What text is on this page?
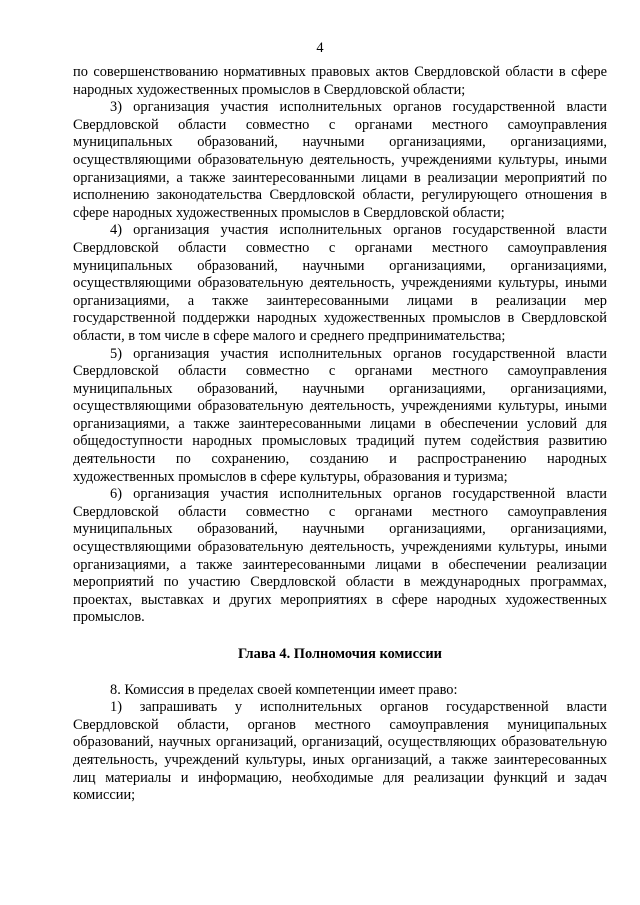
4

по совершенствованию нормативных правовых актов Свердловской области в сфере народных художественных промыслов в Свердловской области;

3) организация участия исполнительных органов государственной власти Свердловской области совместно с органами местного самоуправления муниципальных образований, научными организациями, организациями, осуществляющими образовательную деятельность, учреждениями культуры, иными организациями, а также заинтересованными лицами в реализации мероприятий по исполнению законодательства Свердловской области, регулирующего отношения в сфере народных художественных промыслов в Свердловской области;

4) организация участия исполнительных органов государственной власти Свердловской области совместно с органами местного самоуправления муниципальных образований, научными организациями, организациями, осуществляющими образовательную деятельность, учреждениями культуры, иными организациями, а также заинтересованными лицами в реализации мер государственной поддержки народных художественных промыслов в Свердловской области, в том числе в сфере малого и среднего предпринимательства;

5) организация участия исполнительных органов государственной власти Свердловской области совместно с органами местного самоуправления муниципальных образований, научными организациями, организациями, осуществляющими образовательную деятельность, учреждениями культуры, иными организациями, а также заинтересованными лицами в обеспечении условий для общедоступности народных промысловых традиций путем содействия развитию деятельности по сохранению, созданию и распространению народных художественных промыслов в сфере культуры, образования и туризма;

6) организация участия исполнительных органов государственной власти Свердловской области совместно с органами местного самоуправления муниципальных образований, научными организациями, организациями, осуществляющими образовательную деятельность, учреждениями культуры, иными организациями, а также заинтересованными лицами в обеспечении реализации мероприятий по участию Свердловской области в международных программах, проектах, выставках и других мероприятиях в сфере народных художественных промыслов.

Глава 4. Полномочия комиссии

8. Комиссия в пределах своей компетенции имеет право:

1) запрашивать у исполнительных органов государственной власти Свердловской области, органов местного самоуправления муниципальных образований, научных организаций, организаций, осуществляющих образовательную деятельность, учреждений культуры, иных организаций, а также заинтересованных лиц материалы и информацию, необходимые для реализации функций и задач комиссии;
